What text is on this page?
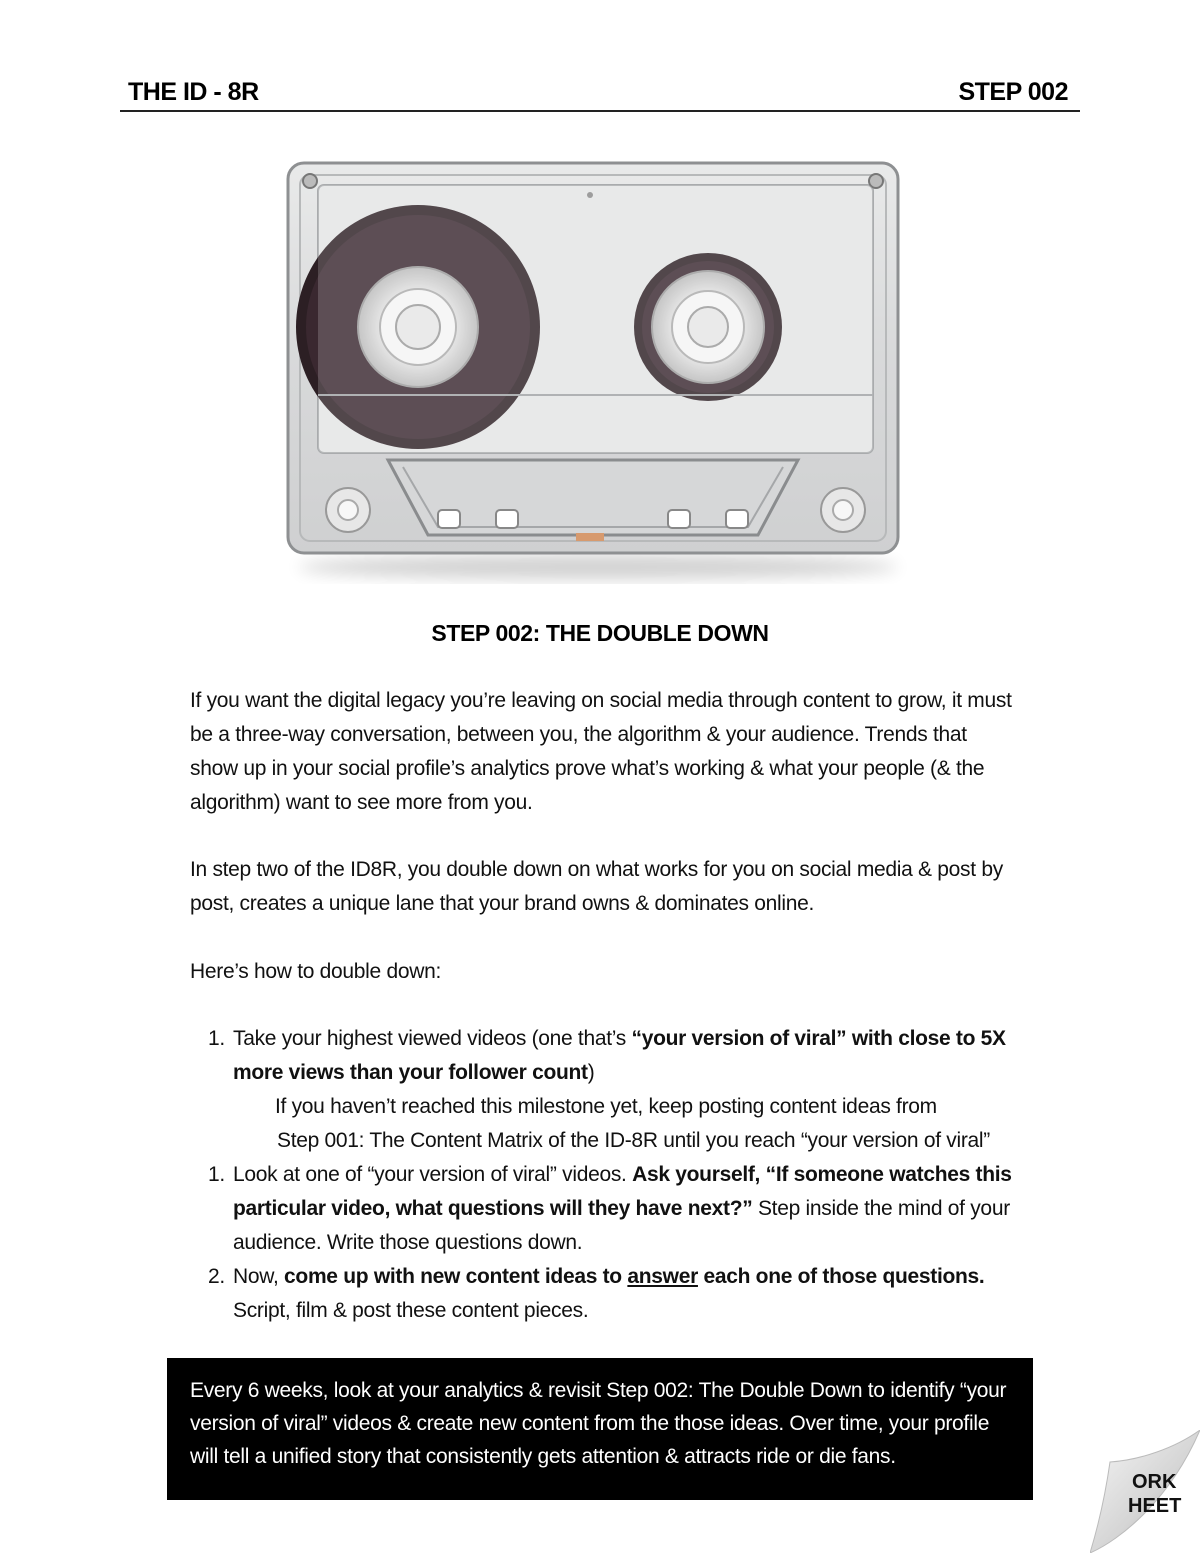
THE ID - 8R	STEP 002
STEP 002: THE DOUBLE DOWN

If you want the digital legacy you’re leaving on social media through content to grow, it must be a three-way conversation, between you, the algorithm & your audience. Trends that show up in your social profile’s analytics prove what’s working & what your people (& the algorithm) want to see more from you.

In step two of the ID8R, you double down on what works for you on social media & post by post, creates a unique lane that your brand owns & dominates online.

Here’s how to double down:

1. Take your highest viewed videos (one that’s “your version of viral” with close to 5X more views than your follower count)
If you haven’t reached this milestone yet, keep posting content ideas from
Step 001: The Content Matrix of the ID-8R until you reach “your version of viral”
1. Look at one of “your version of viral” videos. Ask yourself, “If someone watches this particular video, what questions will they have next?” Step inside the mind of your audience. Write those questions down.
2. Now, come up with new content ideas to answer each one of those questions. Script, film & post these content pieces.
Every 6 weeks, look at your analytics & revisit Step 002: The Double Down to identify “your version of viral” videos & create new content from the those ideas. Over time, your profile will tell a unified story that consistently gets attention & attracts ride or die fans.
ORK
HEET
